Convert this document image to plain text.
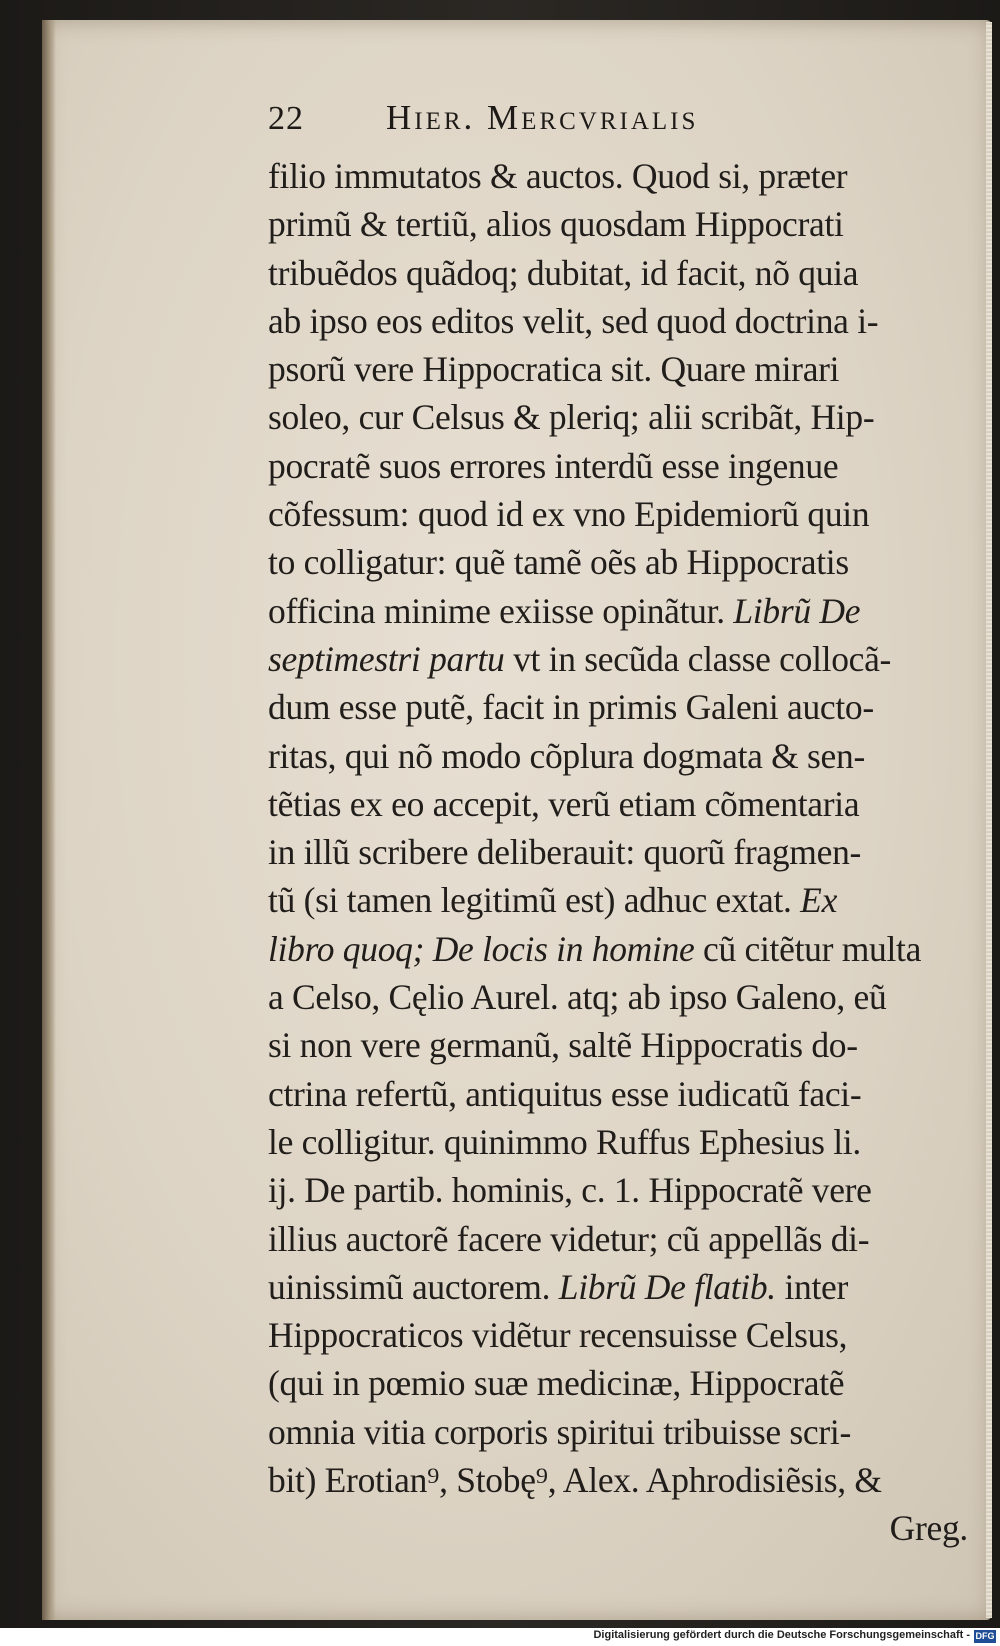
22 Hier. Mercvrialis
filio immutatos & auctos. Quod si, præter
primũ & tertiũ, alios quosdam Hippocrati
tribuẽdos quãdoq; dubitat, id facit, nõ quia
ab ipso eos editos velit, sed quod doctrina i-
psorũ vere Hippocratica sit. Quare mirari
soleo, cur Celsus & pleriq; alii scribãt, Hip-
pocratẽ suos errores interdũ esse ingenue
cõfessum: quod id ex vno Epidemiorũ quin
to colligatur: quẽ tamẽ oẽs ab Hippocratis
officina minime exiisse opinãtur. Librũ De
septimestri partu vt in secũda classe collocã-
dum esse putẽ, facit in primis Galeni aucto-
ritas, qui nõ modo cõplura dogmata & sen-
tẽtias ex eo accepit, verũ etiam cõmentaria
in illũ scribere deliberauit: quorũ fragmen-
tũ (si tamen legitimũ est) adhuc extat. Ex
libro quoq; De locis in homine cũ citẽtur multa
a Celso, Cęlio Aurel. atq; ab ipso Galeno, eũ
si non vere germanũ, saltẽ Hippocratis do-
ctrina refertũ, antiquitus esse iudicatũ faci-
le colligitur. quinimmo Ruffus Ephesius li.
ij. De partib. hominis, c. 1. Hippocratẽ vere
illius auctorẽ facere videtur; cũ appellãs di-
uinissimũ auctorem. Librũ De flatib. inter
Hippocraticos vidẽtur recensuisse Celsus,
(qui in pœmio suæ medicinæ, Hippocratẽ
omnia vitia corporis spiritui tribuisse scri-
bit) Erotian⁹, Stobę⁹, Alex. Aphrodisiẽsis, &
Greg.
Digitalisierung gefördert durch die Deutsche Forschungsgemeinschaft - DFG
